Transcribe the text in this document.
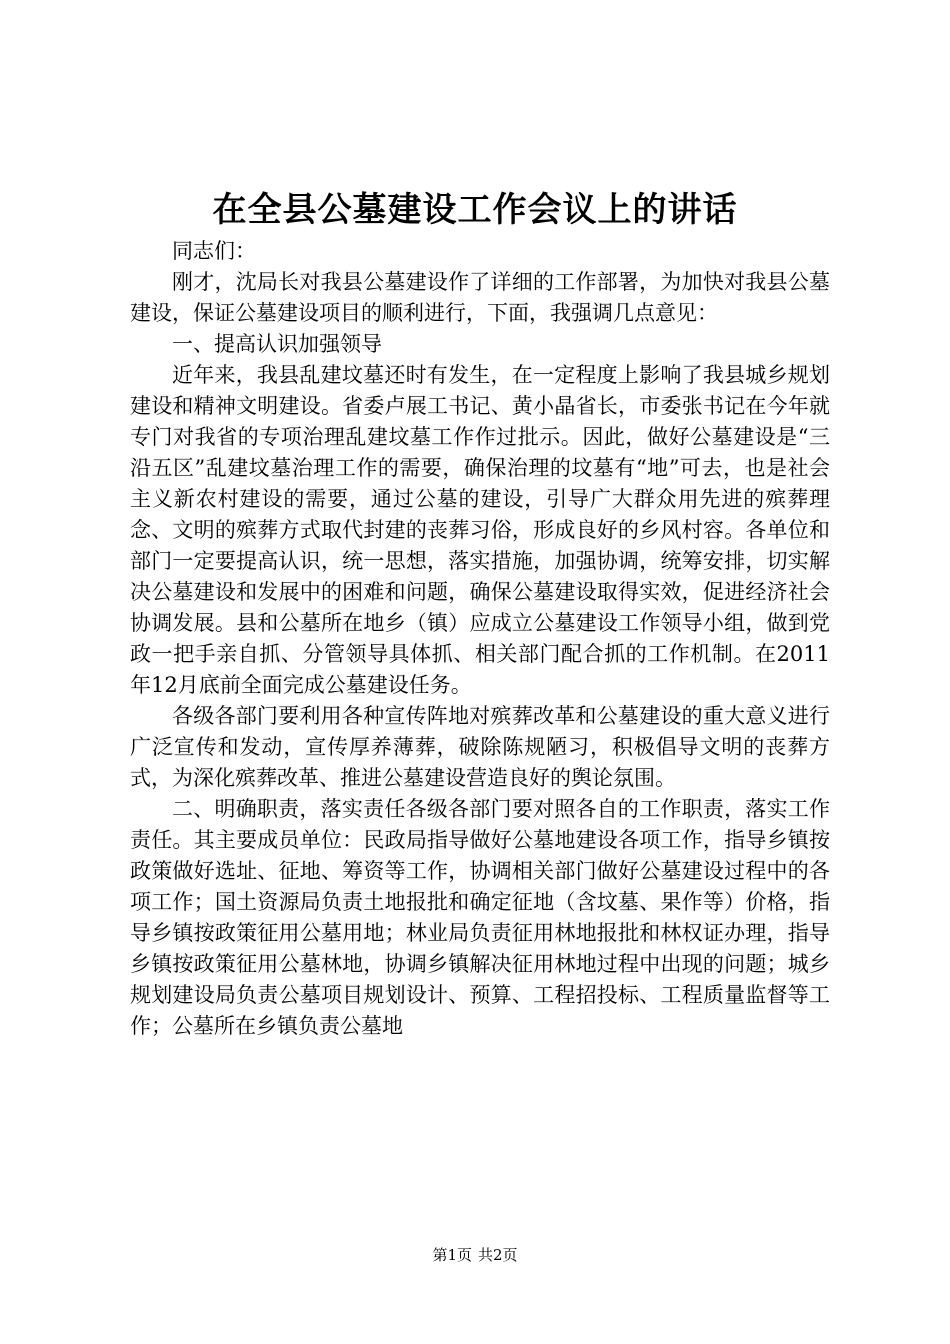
在全县公墓建设工作会议上的讲话

同志们：

刚才，沈局长对我县公墓建设作了详细的工作部署，为加快对我县公墓建设，保证公墓建设项目的顺利进行，下面，我强调几点意见：

一、提高认识加强领导

近年来，我县乱建坟墓还时有发生，在一定程度上影响了我县城乡规划建设和精神文明建设。省委卢展工书记、黄小晶省长，市委张书记在今年就专门对我省的专项治理乱建坟墓工作作过批示。因此，做好公墓建设是“三沿五区”乱建坟墓治理工作的需要，确保治理的坟墓有“地”可去，也是社会主义新农村建设的需要，通过公墓的建设，引导广大群众用先进的殡葬理念、文明的殡葬方式取代封建的丧葬习俗，形成良好的乡风村容。各单位和部门一定要提高认识，统一思想，落实措施，加强协调，统筹安排，切实解决公墓建设和发展中的困难和问题，确保公墓建设取得实效，促进经济社会协调发展。县和公墓所在地乡（镇）应成立公墓建设工作领导小组，做到党政一把手亲自抓、分管领导具体抓、相关部门配合抓的工作机制。在2011年12月底前全面完成公墓建设任务。

各级各部门要利用各种宣传阵地对殡葬改革和公墓建设的重大意义进行广泛宣传和发动，宣传厚养薄葬，破除陈规陋习，积极倡导文明的丧葬方式，为深化殡葬改革、推进公墓建设营造良好的舆论氛围。

二、明确职责，落实责任各级各部门要对照各自的工作职责，落实工作责任。其主要成员单位：民政局指导做好公墓地建设各项工作，指导乡镇按政策做好选址、征地、筹资等工作，协调相关部门做好公墓建设过程中的各项工作；国土资源局负责土地报批和确定征地（含坟墓、果作等）价格，指导乡镇按政策征用公墓用地；林业局负责征用林地报批和林权证办理，指导乡镇按政策征用公墓林地，协调乡镇解决征用林地过程中出现的问题；城乡规划建设局负责公墓项目规划设计、预算、工程招投标、工程质量监督等工作；公墓所在乡镇负责公墓地

第1页 共2页
